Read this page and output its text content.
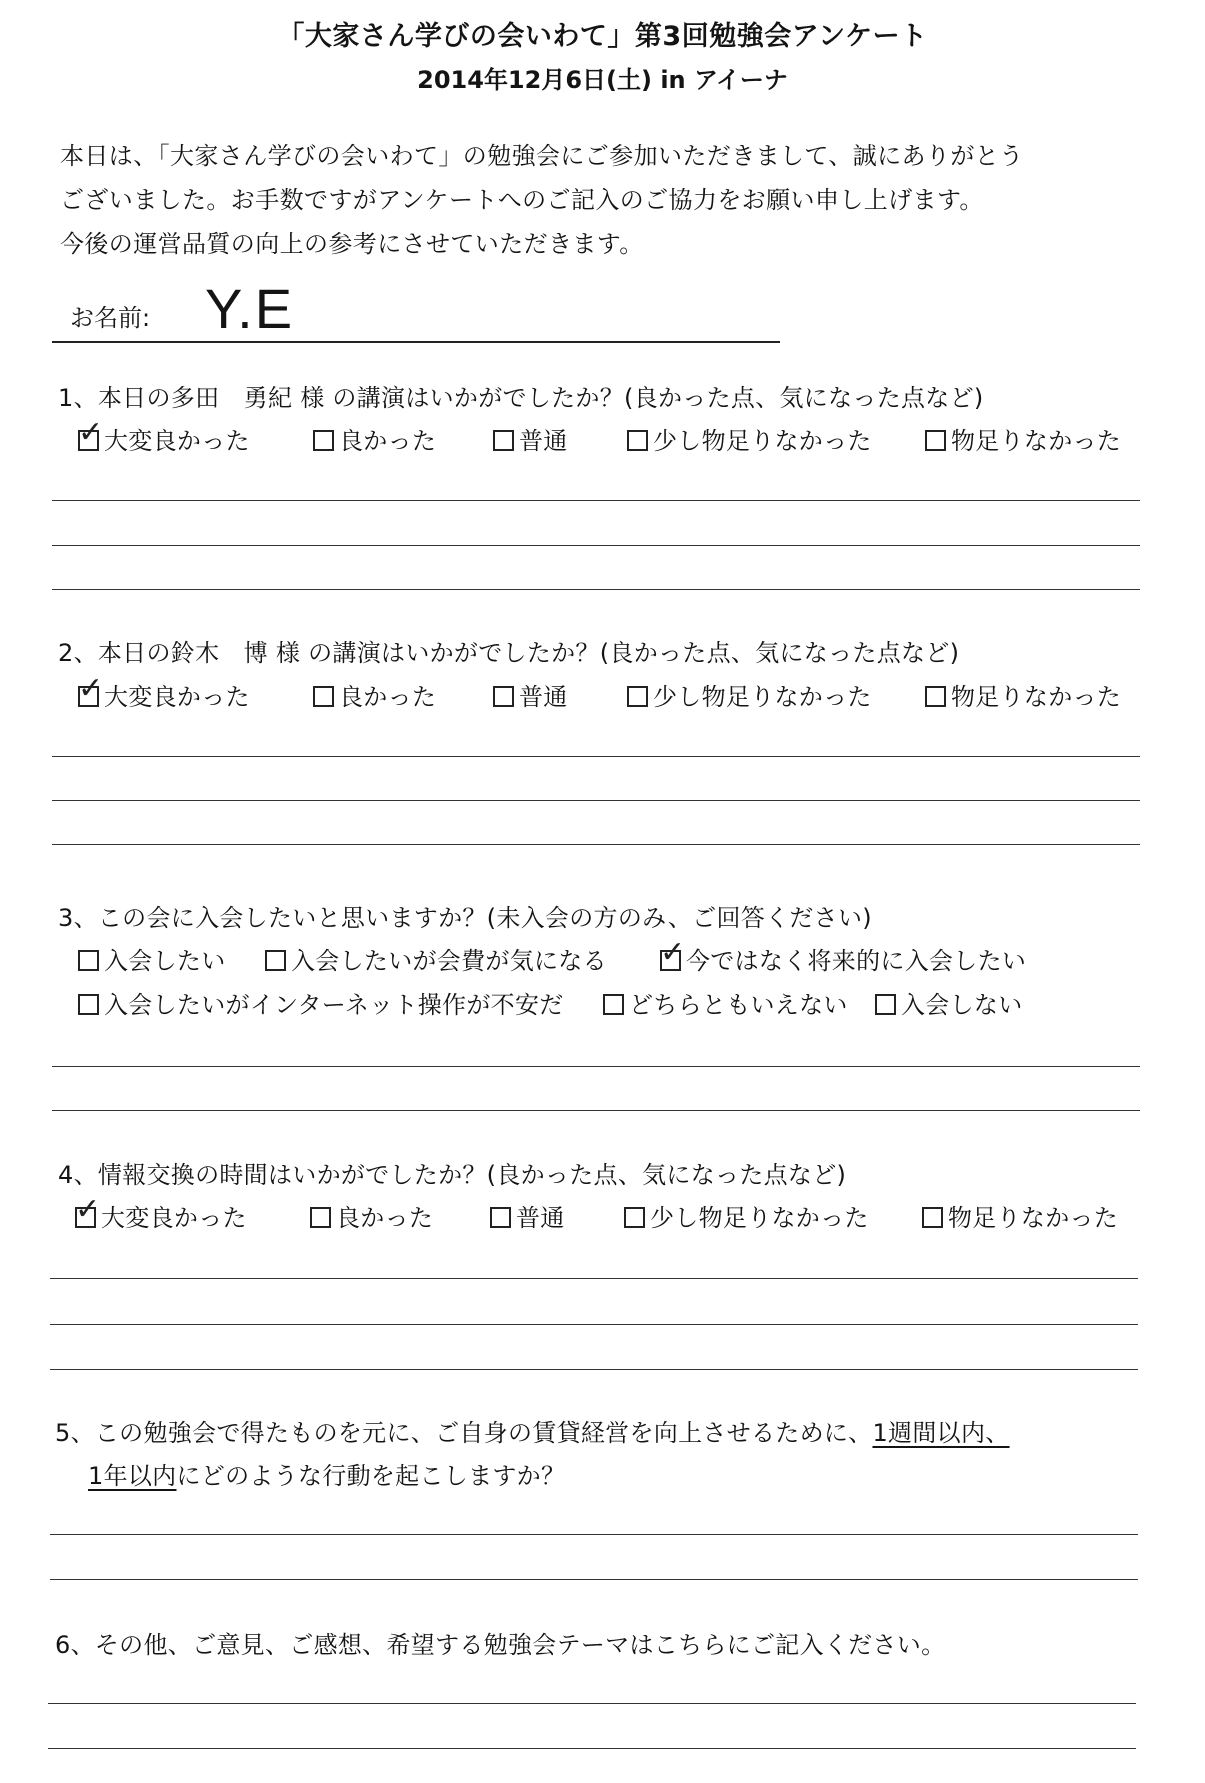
「大家さん学びの会いわて」第3回勉強会アンケート
2014年12月6日(土) in アイーナ
本日は、「大家さん学びの会いわて」の勉強会にご参加いただきまして、誠にありがとう
ございました。お手数ですがアンケートへのご記入のご協力をお願い申し上げます。
今後の運営品質の向上の参考にさせていただきます。
お名前: Y.E
1、本日の多田　勇紀 様 の講演はいかがでしたか？(良かった点、気になった点など)
✓ 大変良かった	良かった	普通	少し物足りなかった	物足りなかった
2、本日の鈴木　博 様 の講演はいかがでしたか？(良かった点、気になった点など)
✓ 大変良かった	良かった	普通	少し物足りなかった	物足りなかった
3、この会に入会したいと思いますか？(未入会の方のみ、ご回答ください)
入会したい	入会したいが会費が気になる ✓ 今ではなく将来的に入会したい
入会したいがインターネット操作が不安だ	どちらともいえない	入会しない
4、情報交換の時間はいかがでしたか？(良かった点、気になった点など)
✓ 大変良かった	良かった	普通	少し物足りなかった	物足りなかった
5、この勉強会で得たものを元に、ご自身の賃貸経営を向上させるために、1週間以内、
1年以内にどのような行動を起こしますか？
6、その他、ご意見、ご感想、希望する勉強会テーマはこちらにご記入ください。
